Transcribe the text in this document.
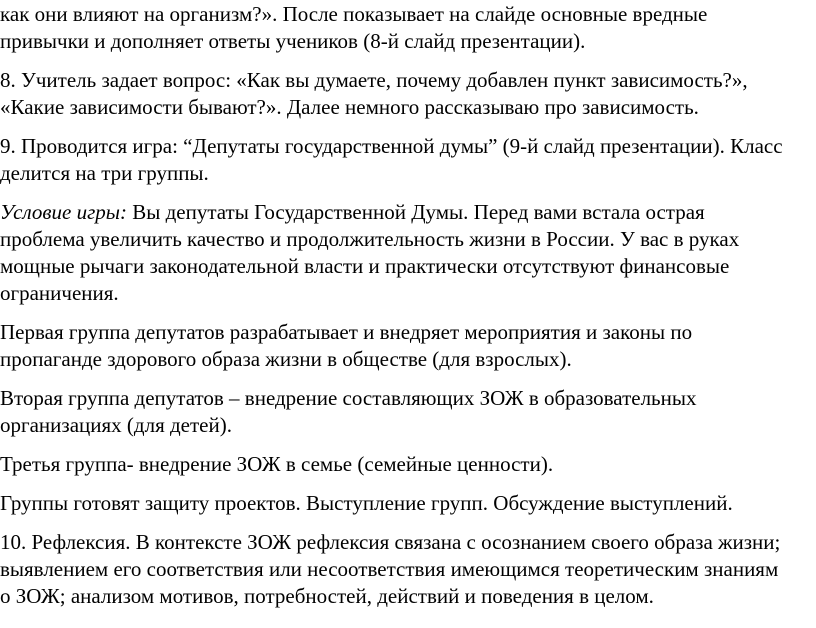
как они влияют на организм?». После показывает на слайде основные вредные
привычки и дополняет ответы учеников (8-й слайд презентации).
8. Учитель задает вопрос: «Как вы думаете, почему добавлен пункт зависимость?»,
«Какие зависимости бывают?». Далее немного рассказываю про зависимость.
9. Проводится игра: “Депутаты государственной думы” (9-й слайд презентации). Класс
делится на три группы.
Условие игры: Вы депутаты Государственной Думы. Перед вами встала острая
проблема увеличить качество и продолжительность жизни в России. У вас в руках
мощные рычаги законодательной власти и практически отсутствуют финансовые
ограничения.
Первая группа депутатов разрабатывает и внедряет мероприятия и законы по
пропаганде здорового образа жизни в обществе (для взрослых).
Вторая группа депутатов – внедрение составляющих ЗОЖ в образовательных
организациях (для детей).
Третья группа- внедрение ЗОЖ в семье (семейные ценности).
Группы готовят защиту проектов. Выступление групп. Обсуждение выступлений.
10. Рефлексия. В контексте ЗОЖ рефлексия связана с осознанием своего образа жизни;
выявлением его соответствия или несоответствия имеющимся теоретическим знаниям
о ЗОЖ; анализом мотивов, потребностей, действий и поведения в целом.
